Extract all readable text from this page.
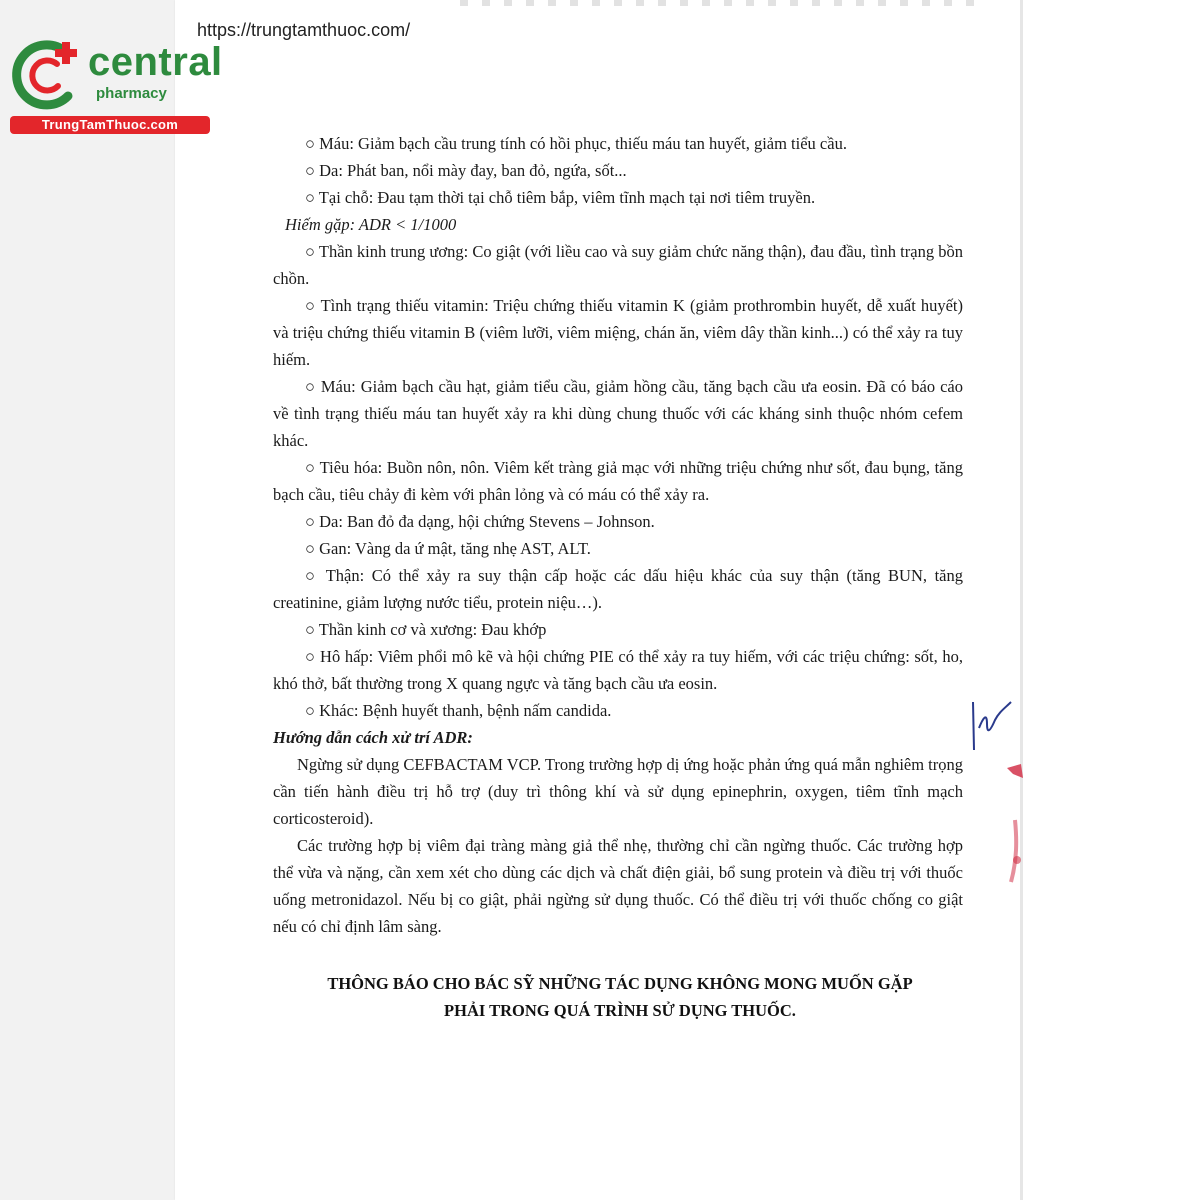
https://trungtamthuoc.com/
central
pharmacy
TrungTamThuoc.com

○ Máu: Giảm bạch cầu trung tính có hồi phục, thiếu máu tan huyết, giảm tiểu cầu.

○ Da: Phát ban, nổi mày đay, ban đỏ, ngứa, sốt...

○ Tại chỗ: Đau tạm thời tại chỗ tiêm bắp, viêm tĩnh mạch tại nơi tiêm truyền.

Hiếm gặp: ADR < 1/1000

○ Thần kinh trung ương: Co giật (với liều cao và suy giảm chức năng thận), đau đầu, tình trạng bồn chồn.

○ Tình trạng thiếu vitamin: Triệu chứng thiếu vitamin K (giảm prothrombin huyết, dễ xuất huyết) và triệu chứng thiếu vitamin B (viêm lưỡi, viêm miệng, chán ăn, viêm dây thần kinh...) có thể xảy ra tuy hiếm.

○ Máu: Giảm bạch cầu hạt, giảm tiểu cầu, giảm hồng cầu, tăng bạch cầu ưa eosin. Đã có báo cáo về tình trạng thiếu máu tan huyết xảy ra khi dùng chung thuốc với các kháng sinh thuộc nhóm cefem khác.

○ Tiêu hóa: Buồn nôn, nôn. Viêm kết tràng giả mạc với những triệu chứng như sốt, đau bụng, tăng bạch cầu, tiêu chảy đi kèm với phân lỏng và có máu có thể xảy ra.

○ Da: Ban đỏ đa dạng, hội chứng Stevens – Johnson.

○ Gan: Vàng da ứ mật, tăng nhẹ AST, ALT.

○ Thận: Có thể xảy ra suy thận cấp hoặc các dấu hiệu khác của suy thận (tăng BUN, tăng creatinine, giảm lượng nước tiểu, protein niệu…).

○ Thần kinh cơ và xương: Đau khớp

○ Hô hấp: Viêm phổi mô kẽ và hội chứng PIE có thể xảy ra tuy hiếm, với các triệu chứng: sốt, ho, khó thở, bất thường trong X quang ngực và tăng bạch cầu ưa eosin.

○ Khác: Bệnh huyết thanh, bệnh nấm candida.

Hướng dẫn cách xử trí ADR:

Ngừng sử dụng CEFBACTAM VCP. Trong trường hợp dị ứng hoặc phản ứng quá mẫn nghiêm trọng cần tiến hành điều trị hỗ trợ (duy trì thông khí và sử dụng epinephrin, oxygen, tiêm tĩnh mạch corticosteroid).

Các trường hợp bị viêm đại tràng màng giả thể nhẹ, thường chỉ cần ngừng thuốc. Các trường hợp thể vừa và nặng, cần xem xét cho dùng các dịch và chất điện giải, bổ sung protein và điều trị với thuốc uống metronidazol. Nếu bị co giật, phải ngừng sử dụng thuốc. Có thể điều trị với thuốc chống co giật nếu có chỉ định lâm sàng.

THÔNG BÁO CHO BÁC SỸ NHỮNG TÁC DỤNG KHÔNG MONG MUỐN GẶP
PHẢI TRONG QUÁ TRÌNH SỬ DỤNG THUỐC.
